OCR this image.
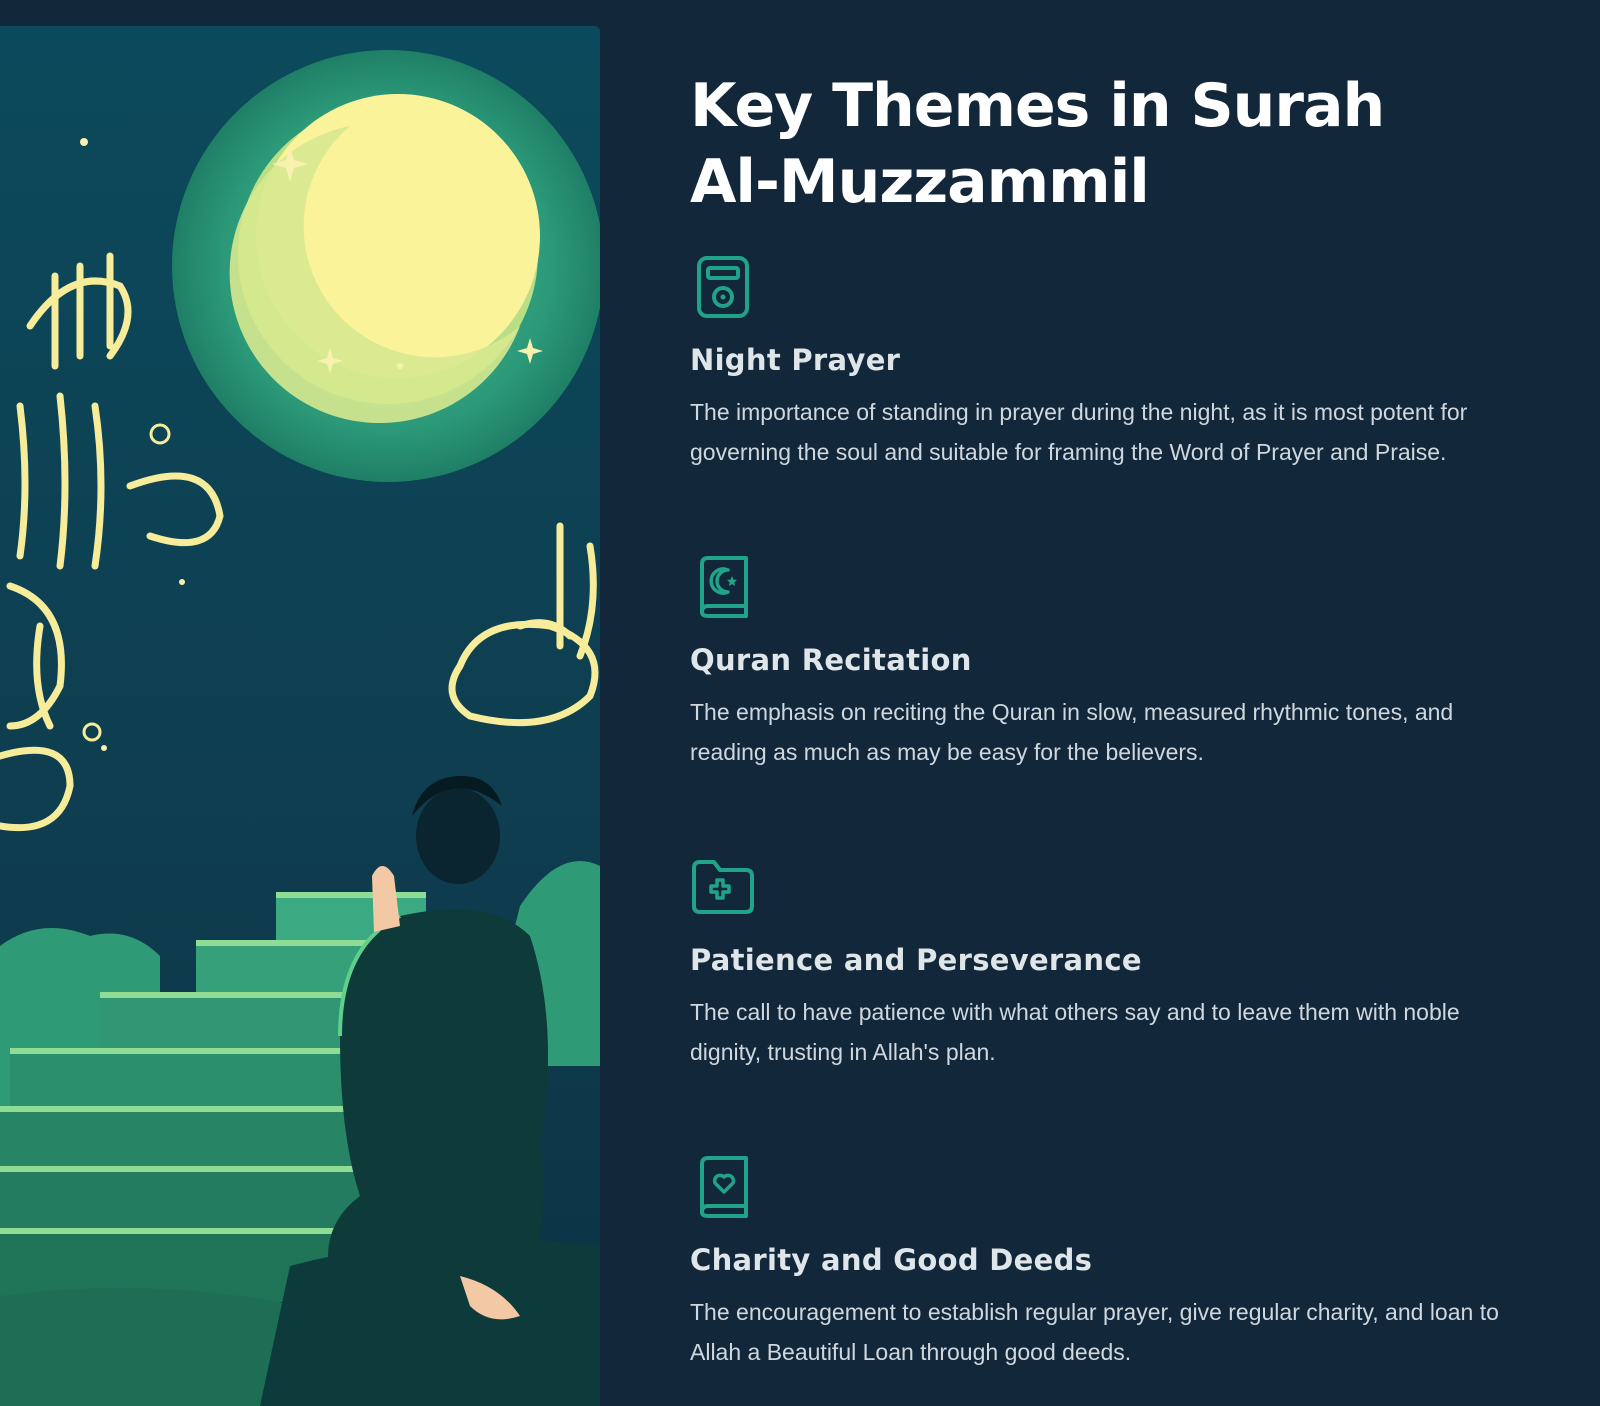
Key Themes in Surah
Al-Muzzammil
Night Prayer

The importance of standing in prayer during the night, as it is most potent for governing the soul and suitable for framing the Word of Prayer and Praise.

Quran Recitation

The emphasis on reciting the Quran in slow, measured rhythmic tones, and reading as much as may be easy for the believers.

Patience and Perseverance

The call to have patience with what others say and to leave them with noble dignity, trusting in Allah's plan.

Charity and Good Deeds

The encouragement to establish regular prayer, give regular charity, and loan to Allah a Beautiful Loan through good deeds.
